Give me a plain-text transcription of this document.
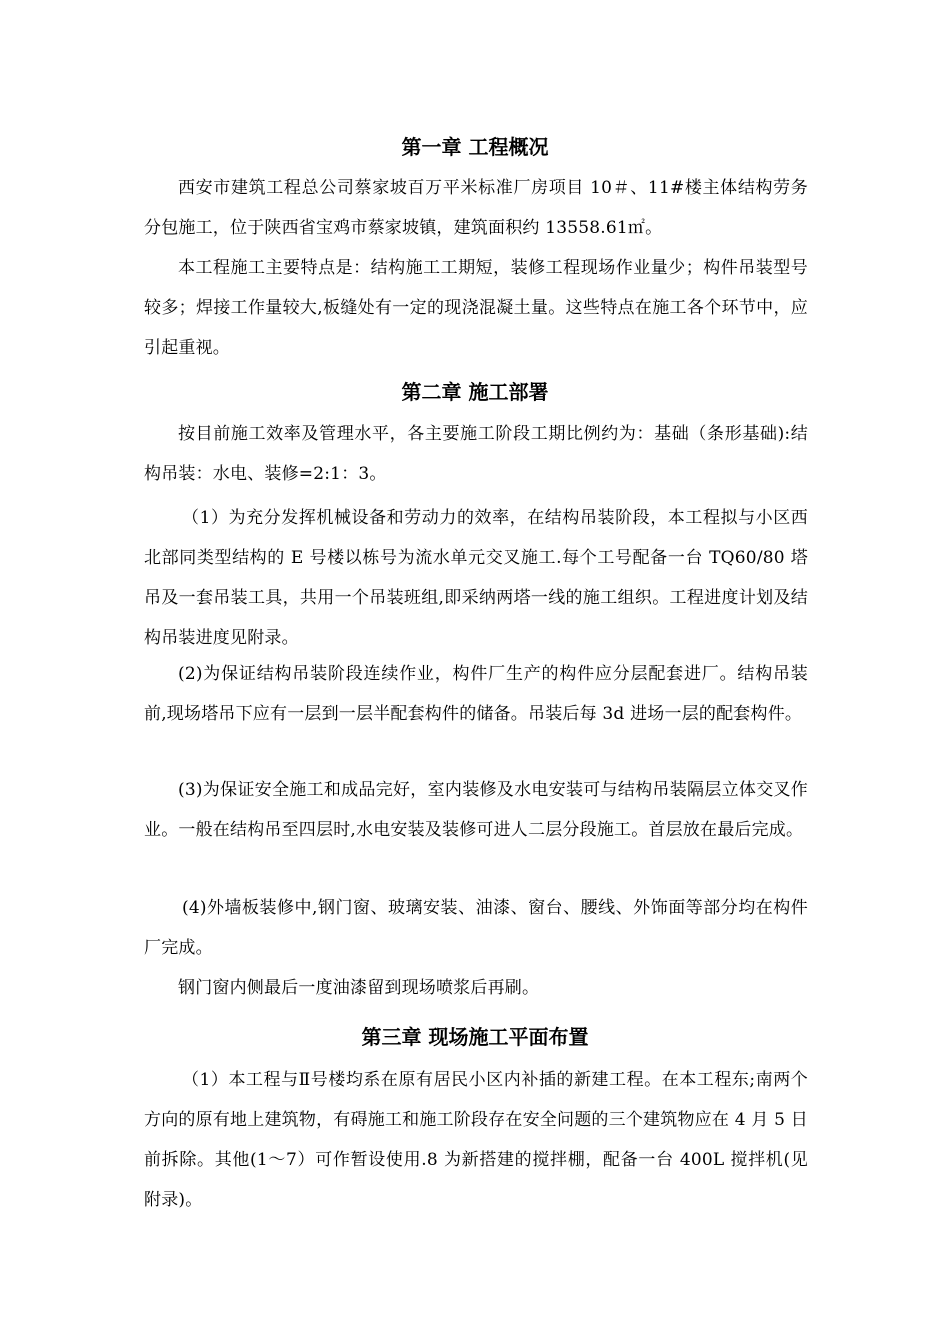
第一章 工程概况

西安市建筑工程总公司蔡家坡百万平米标准厂房项目 10＃、11#楼主体结构劳务分包施工，位于陕西省宝鸡市蔡家坡镇，建筑面积约 13558.61㎡。

本工程施工主要特点是：结构施工工期短，装修工程现场作业量少；构件吊装型号较多；焊接工作量较大,板缝处有一定的现浇混凝土量。这些特点在施工各个环节中，应引起重视。

第二章 施工部署

按目前施工效率及管理水平，各主要施工阶段工期比例约为：基础（条形基础):结构吊装：水电、装修=2:1：3。

（1）为充分发挥机械设备和劳动力的效率，在结构吊装阶段，本工程拟与小区西北部同类型结构的 E 号楼以栋号为流水单元交叉施工.每个工号配备一台 TQ60/80 塔吊及一套吊装工具，共用一个吊装班组,即采纳两塔一线的施工组织。工程进度计划及结构吊装进度见附录。

(2)为保证结构吊装阶段连续作业，构件厂生产的构件应分层配套进厂。结构吊装前,现场塔吊下应有一层到一层半配套构件的储备。吊装后每 3d 进场一层的配套构件。

(3)为保证安全施工和成品完好，室内装修及水电安装可与结构吊装隔层立体交叉作业。一般在结构吊至四层时,水电安装及装修可进人二层分段施工。首层放在最后完成。

(4)外墙板装修中,钢门窗、玻璃安装、油漆、窗台、腰线、外饰面等部分均在构件厂完成。

钢门窗内侧最后一度油漆留到现场喷浆后再刷。

第三章 现场施工平面布置

（1）本工程与Ⅱ号楼均系在原有居民小区内补插的新建工程。在本工程东;南两个方向的原有地上建筑物，有碍施工和施工阶段存在安全问题的三个建筑物应在 4 月 5 日前拆除。其他(1～7）可作暂设使用.8 为新搭建的搅拌棚，配备一台 400L 搅拌机(见附录)。
